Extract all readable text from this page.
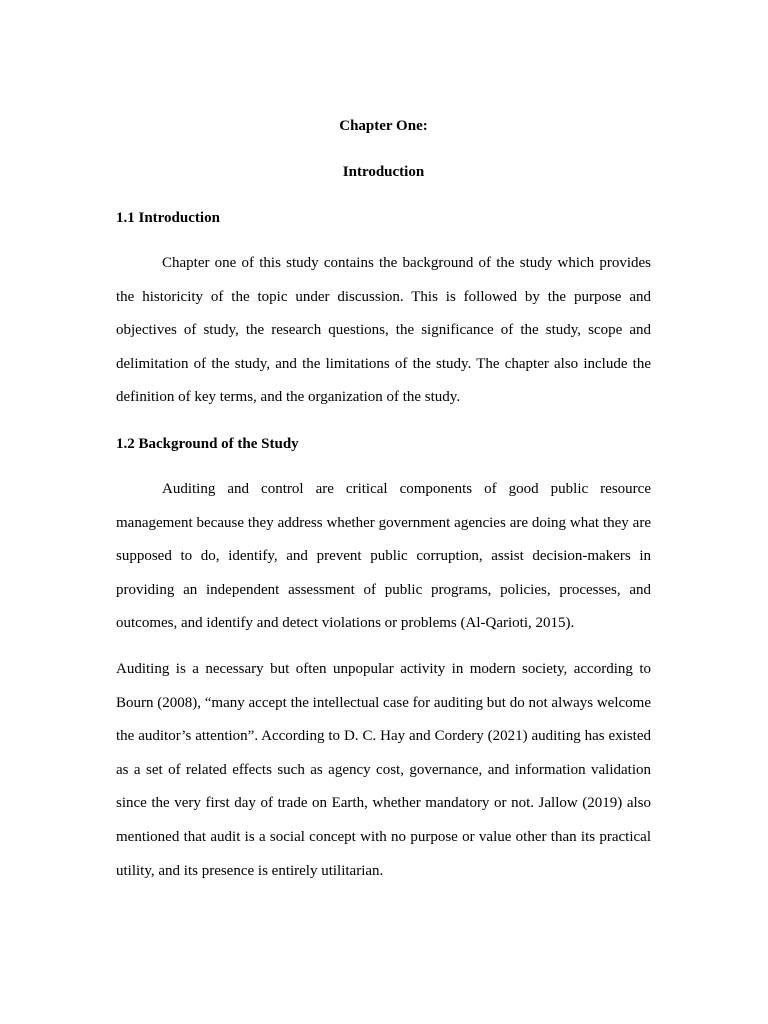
Chapter One:
Introduction
1.1 Introduction

Chapter one of this study contains the background of the study which provides the historicity of the topic under discussion. This is followed by the purpose and objectives of study, the research questions, the significance of the study, scope and delimitation of the study, and the limitations of the study. The chapter also include the definition of key terms, and the organization of the study.

1.2 Background of the Study

Auditing and control are critical components of good public resource management because they address whether government agencies are doing what they are supposed to do, identify, and prevent public corruption, assist decision-makers in providing an independent assessment of public programs, policies, processes, and outcomes, and identify and detect violations or problems (Al-Qarioti, 2015).

Auditing is a necessary but often unpopular activity in modern society, according to Bourn (2008), “many accept the intellectual case for auditing but do not always welcome the auditor’s attention”. According to D. C. Hay and Cordery (2021) auditing has existed as a set of related effects such as agency cost, governance, and information validation since the very first day of trade on Earth, whether mandatory or not. Jallow (2019) also mentioned that audit is a social concept with no purpose or value other than its practical utility, and its presence is entirely utilitarian.
